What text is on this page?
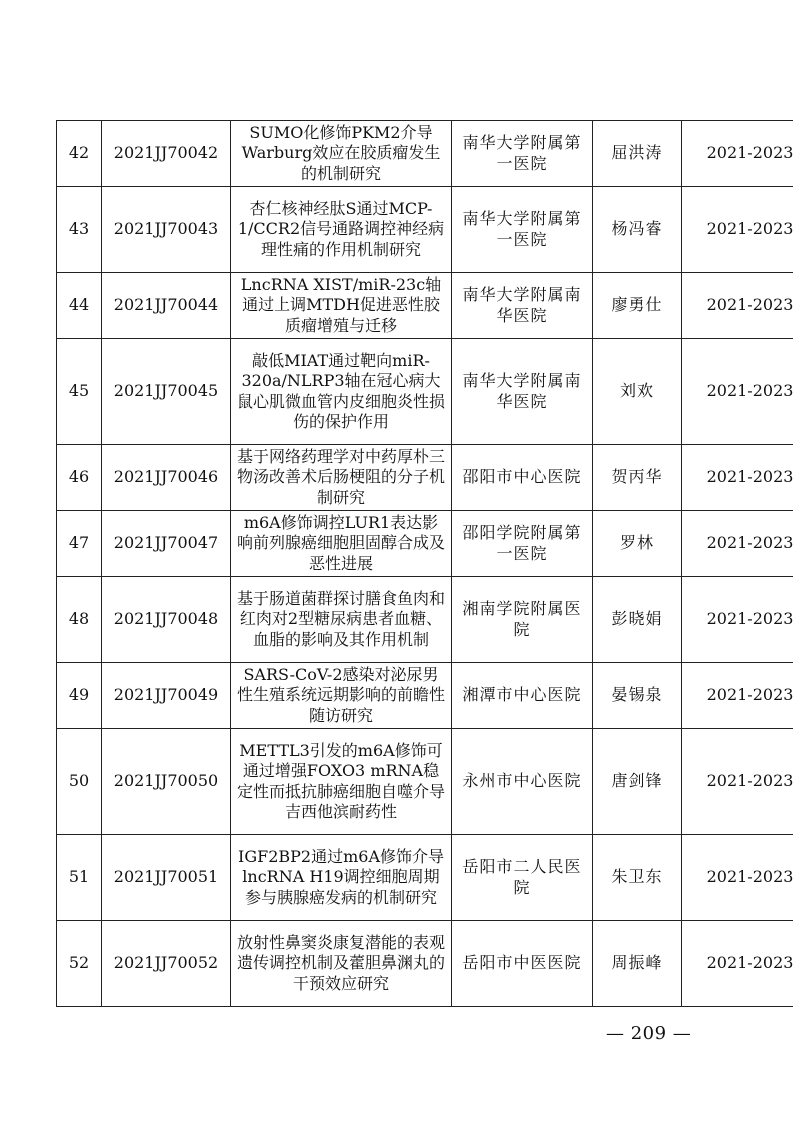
42	2021JJ70042	SUMO化修饰PKM2介导Warburg效应在胶质瘤发生的机制研究	南华大学附属第一医院	屈洪涛	2021-2023
43	2021JJ70043	杏仁核神经肽S通过MCP-1/CCR2信号通路调控神经病理性痛的作用机制研究	南华大学附属第一医院	杨冯睿	2021-2023
44	2021JJ70044	LncRNA XIST/miR-23c轴通过上调MTDH促进恶性胶质瘤增殖与迁移	南华大学附属南华医院	廖勇仕	2021-2023
45	2021JJ70045	敲低MIAT通过靶向miR-320a/NLRP3轴在冠心病大鼠心肌微血管内皮细胞炎性损伤的保护作用	南华大学附属南华医院	刘欢	2021-2023
46	2021JJ70046	基于网络药理学对中药厚朴三物汤改善术后肠梗阻的分子机制研究	邵阳市中心医院	贺丙华	2021-2023
47	2021JJ70047	m6A修饰调控LUR1表达影响前列腺癌细胞胆固醇合成及恶性进展	邵阳学院附属第一医院	罗林	2021-2023
48	2021JJ70048	基于肠道菌群探讨膳食鱼肉和红肉对2型糖尿病患者血糖、血脂的影响及其作用机制	湘南学院附属医院	彭晓娟	2021-2023
49	2021JJ70049	SARS-CoV-2感染对泌尿男性生殖系统远期影响的前瞻性随访研究	湘潭市中心医院	晏锡泉	2021-2023
50	2021JJ70050	METTL3引发的m6A修饰可通过增强FOXO3 mRNA稳定性而抵抗肺癌细胞自噬介导吉西他滨耐药性	永州市中心医院	唐剑锋	2021-2023
51	2021JJ70051	IGF2BP2通过m6A修饰介导lncRNA H19调控细胞周期参与胰腺癌发病的机制研究	岳阳市二人民医院	朱卫东	2021-2023
52	2021JJ70052	放射性鼻窦炎康复潜能的表观遗传调控机制及藿胆鼻渊丸的干预效应研究	岳阳市中医医院	周振峰	2021-2023
— 209 —
